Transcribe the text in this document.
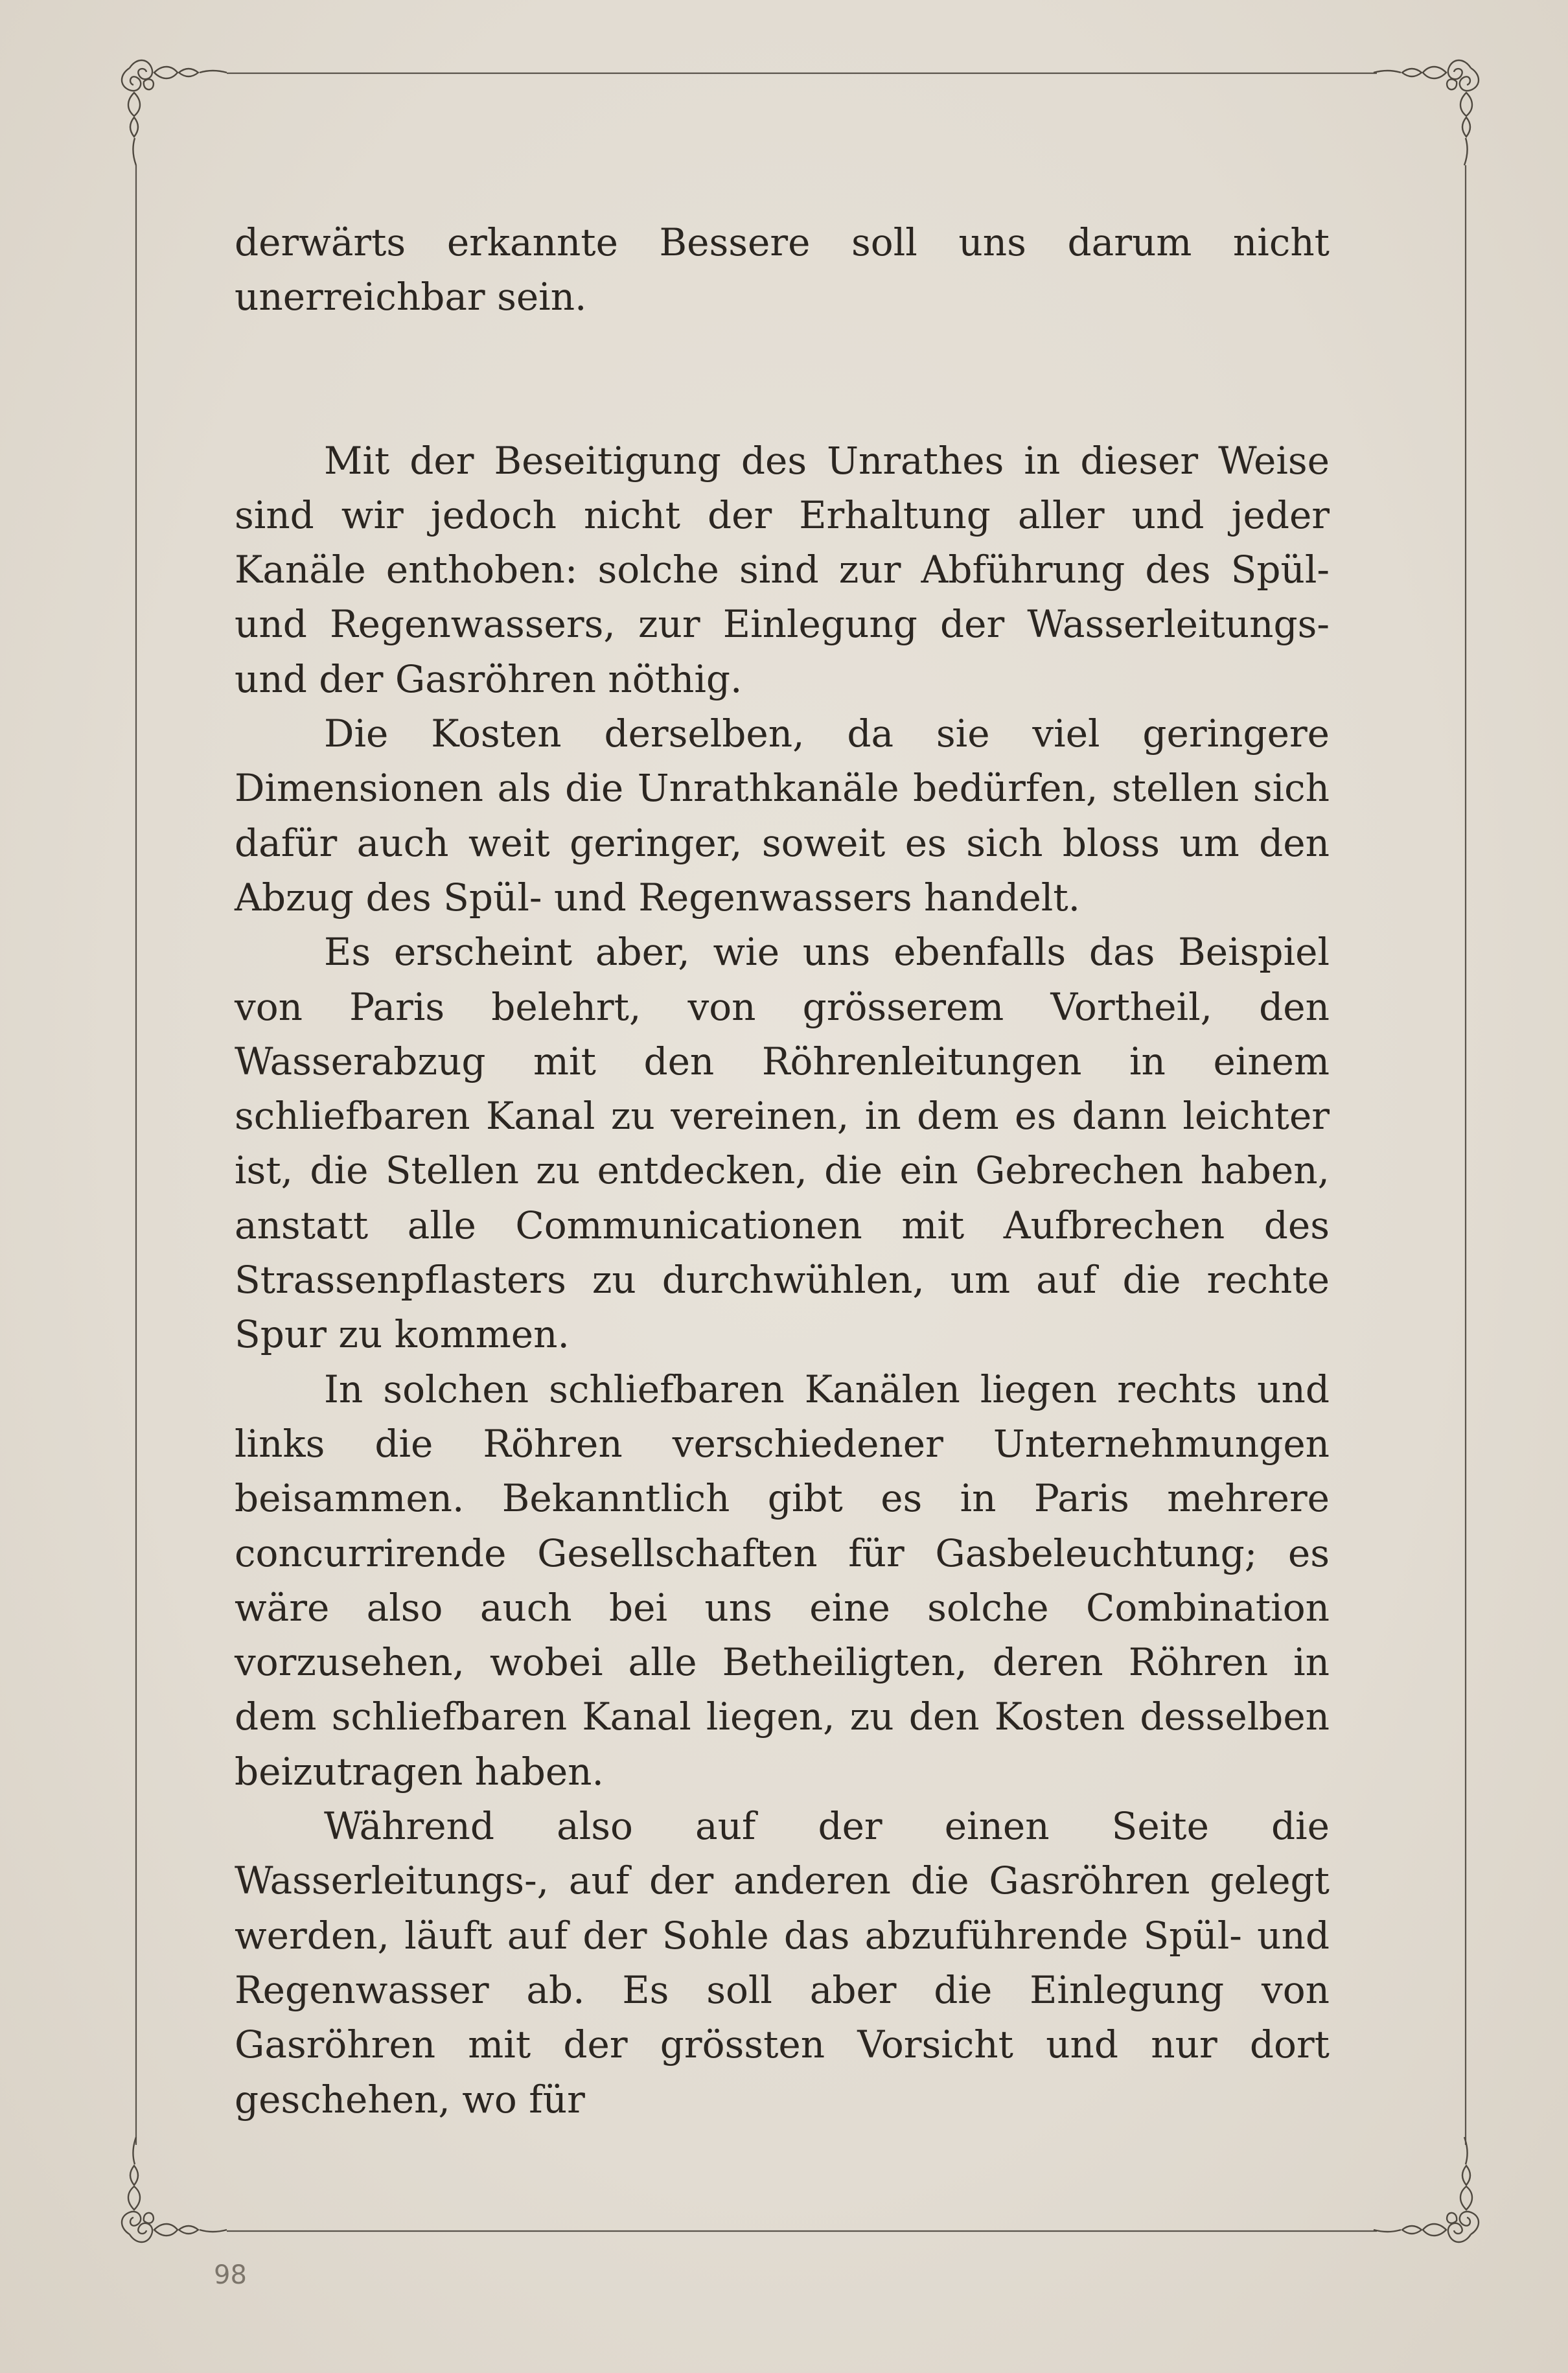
derwärts erkannte Bessere soll uns darum nicht unerreichbar sein.

Mit der Beseitigung des Unrathes in dieser Weise sind wir jedoch nicht der Erhaltung aller und jeder Kanäle enthoben: solche sind zur Abführung des Spül- und Regenwassers, zur Einlegung der Wasserleitungs- und der Gasröhren nöthig.

Die Kosten derselben, da sie viel geringere Dimensionen als die Unrathkanäle bedürfen, stellen sich dafür auch weit geringer, soweit es sich bloss um den Abzug des Spül- und Regenwassers handelt.

Es erscheint aber, wie uns ebenfalls das Beispiel von Paris belehrt, von grösserem Vortheil, den Wasserabzug mit den Röhrenleitungen in einem schliefbaren Kanal zu vereinen, in dem es dann leichter ist, die Stellen zu entdecken, die ein Gebrechen haben, anstatt alle Communicationen mit Aufbrechen des Strassenpflasters zu durchwühlen, um auf die rechte Spur zu kommen.

In solchen schliefbaren Kanälen liegen rechts und links die Röhren verschiedener Unternehmungen beisammen. Bekanntlich gibt es in Paris mehrere concurrirende Gesellschaften für Gasbeleuchtung; es wäre also auch bei uns eine solche Combination vorzusehen, wobei alle Betheiligten, deren Röhren in dem schliefbaren Kanal liegen, zu den Kosten desselben beizutragen haben.

Während also auf der einen Seite die Wasserleitungs-, auf der anderen die Gasröhren gelegt werden, läuft auf der Sohle das abzuführende Spül- und Regenwasser ab. Es soll aber die Einlegung von Gasröhren mit der grössten Vorsicht und nur dort geschehen, wo für

98
